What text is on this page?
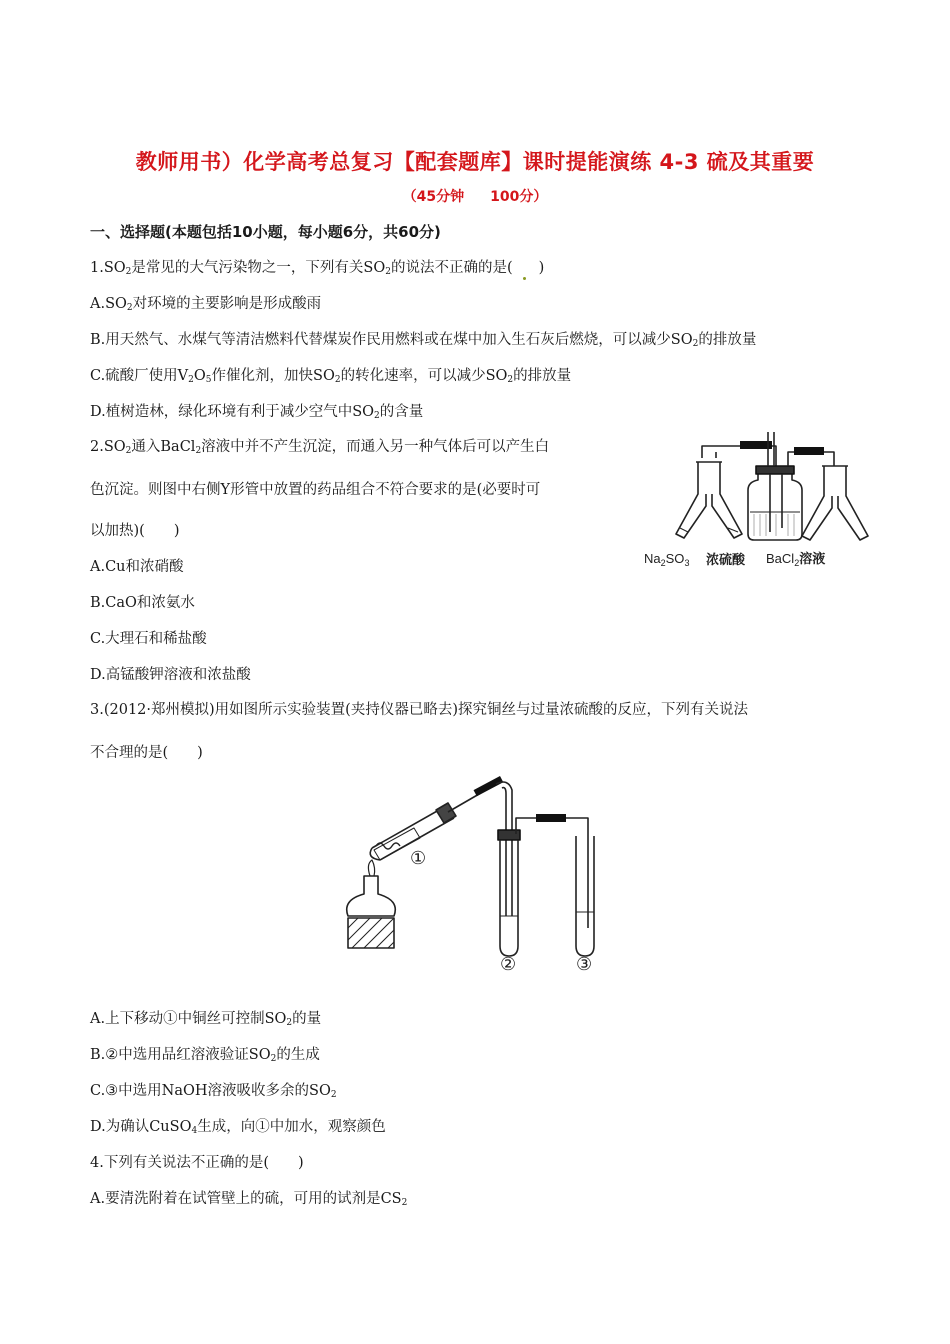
教师用书）化学高考总复习【配套题库】课时提能演练 4-3 硫及其重要
（45分钟 100分）
一、选择题(本题包括10小题，每小题6分，共60分)
$1.SO_2$是常见的大气污染物之一，下列有关$SO_2$的说法不正确的是( )
$A.SO_2$对环境的主要影响是形成酸雨
B.用天然气、水煤气等清洁燃料代替煤炭作民用燃料或在煤中加入生石灰后燃烧，可以减少$SO_2$的排放量
C.硫酸厂使用$V_2O_5$作催化剂，加快$SO_2$的转化速率，可以减少$SO_2$的排放量
D.植树造林，绿化环境有利于减少空气中$SO_2$的含量
$2.SO_2$通入BaCl$_2$溶液中并不产生沉淀，而通入另一种气体后可以产生白
色沉淀。则图中右侧Y形管中放置的药品组合不符合要求的是(必要时可
以加热)(　　)
A.Cu和浓硝酸
B.CaO和浓氨水
C.大理石和稀盐酸
D.高锰酸钾溶液和浓盐酸
$Na_2SO_3$ 浓硫酸 BaCl$_2$溶液
3.(2012·郑州模拟)用如图所示实验装置(夹持仪器已略去)探究铜丝与过量浓硫酸的反应，下列有关说法
不合理的是(　　)
①
②	③
A.上下移动①中铜丝可控制$SO_2$的量
B.②中选用品红溶液验证$SO_2$的生成
C.③中选用NaOH溶液吸收多余的$SO_2$
D.为确认CuSO$_4$生成，向①中加水，观察颜色
4.下列有关说法不正确的是(　　)
A.要清洗附着在试管壁上的硫，可用的试剂是$CS_2$
